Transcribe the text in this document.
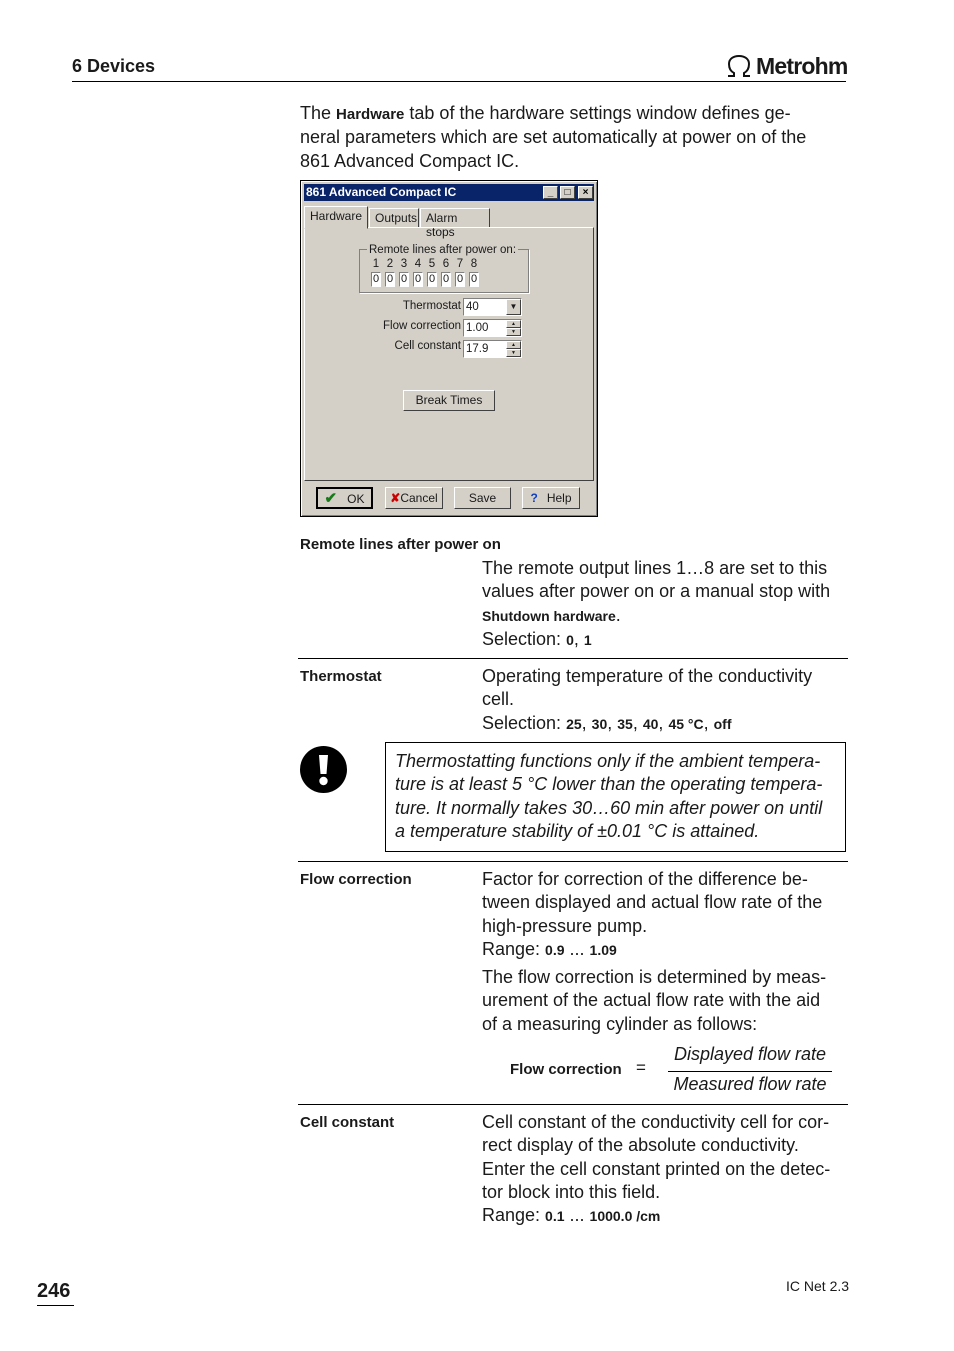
6 Devices	Metrohm
The Hardware tab of the hardware settings window defines ge-
neral parameters which are set automatically at power on of the
861 Advanced Compact IC.
861 Advanced Compact IC	_	□	×
Hardware	Outputs Alarm stops
Remote lines after power on:
1 2 3 4 5 6 7 8
0 0 0 0 0 0 0 0
Thermostat 40	▼
Flow correction 1.00	▲
▼
Cell constant 17.9	▲
▼
Break Times
✔ OK	✘Cancel	Save	? Help
Remote lines after power on
The remote output lines 1…8 are set to this
values after power on or a manual stop with
Shutdown hardware.
Selection: 0, 1
Thermostat	Operating temperature of the conductivity
cell.
Selection: 25, 30, 35, 40, 45 °C, off
Thermostatting functions only if the ambient tempera-
ture is at least 5 °C lower than the operating tempera-
ture. It normally takes 30…60 min after power on until
a temperature stability of ±0.01 °C is attained.
Flow correction	Factor for correction of the difference be-
tween displayed and actual flow rate of the
high-pressure pump.
Range: 0.9 ... 1.09
The flow correction is determined by meas-
urement of the actual flow rate with the aid
of a measuring cylinder as follows:
Flow correction =
Displayed flow rate
Measured flow rate
Cell constant	Cell constant of the conductivity cell for cor-
rect display of the absolute conductivity.
Enter the cell constant printed on the detec-
tor block into this field.
Range: 0.1 ... 1000.0 /cm
246	IC Net 2.3
